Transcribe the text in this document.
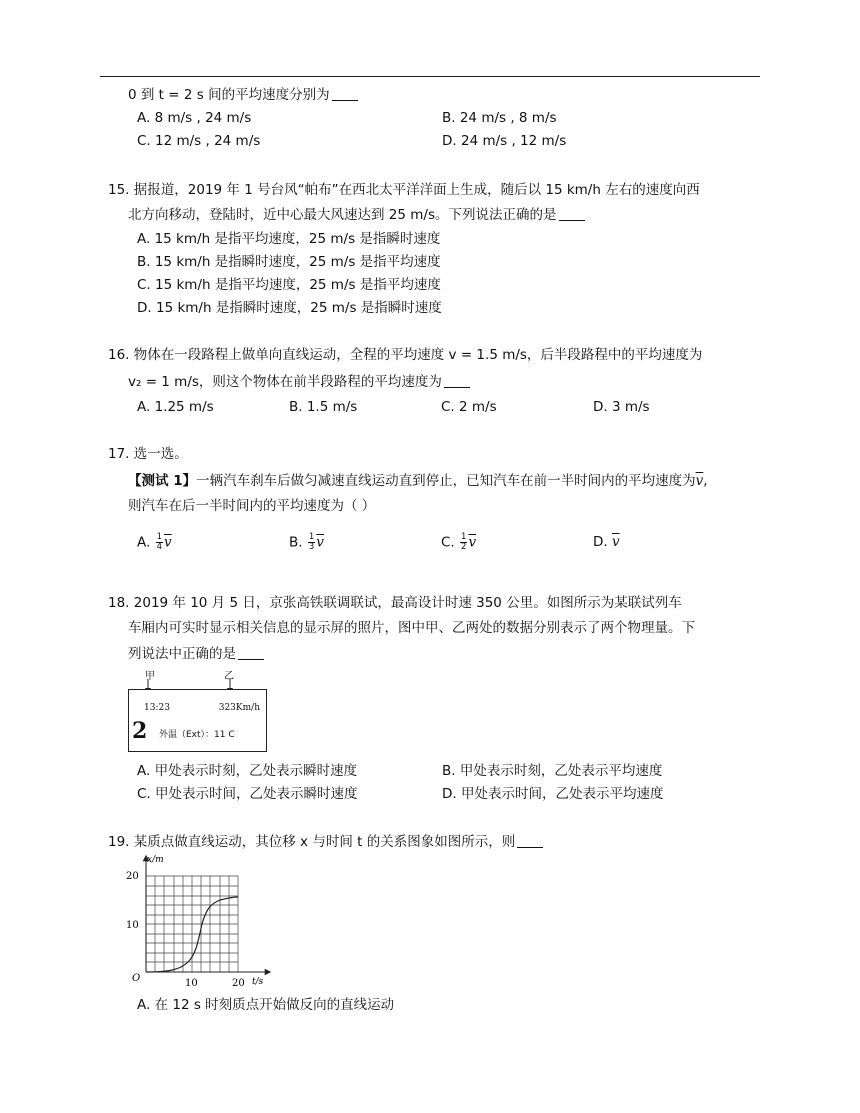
0 到 t = 2 s 间的平均速度分别为
A. 8 m/s , 24 m/s	B. 24 m/s , 8 m/s
C. 12 m/s , 24 m/s	D. 24 m/s , 12 m/s
15. 据报道，2019 年 1 号台风“帕布”在西北太平洋洋面上生成，随后以 15 km/h 左右的速度向西
北方向移动，登陆时，近中心最大风速达到 25 m/s。下列说法正确的是
A. 15 km/h 是指平均速度，25 m/s 是指瞬时速度
B. 15 km/h 是指瞬时速度，25 m/s 是指平均速度
C. 15 km/h 是指平均速度，25 m/s 是指平均速度
D. 15 km/h 是指瞬时速度，25 m/s 是指瞬时速度
16. 物体在一段路程上做单向直线运动，全程的平均速度 v = 1.5 m/s，后半段路程中的平均速度为
v₂ = 1 m/s，则这个物体在前半段路程的平均速度为
A. 1.25 m/s	B. 1.5 m/s	C. 2 m/s	D. 3 m/s
17. 选一选。
【测试 1】一辆汽车刹车后做匀减速直线运动直到停止，已知汽车在前一半时间内的平均速度为$\overline{v}$,
则汽车在后一半时间内的平均速度为（ ）
A. $\frac{1}{4} \overline{v}$	B. $\frac{1}{3} \overline{v}$	C. $\frac{1}{2} \overline{v}$	D. $\overline{v}$
18. 2019 年 10 月 5 日，京张高铁联调联试，最高设计时速 350 公里。如图所示为某联试列车
车厢内可实时显示相关信息的显示屏的照片，图中甲、乙两处的数据分别表示了两个物理量。下
列说法中正确的是
甲	乙
13:23	323Km/h
2 外温（Ext）：11 C
A. 甲处表示时刻，乙处表示瞬时速度	B. 甲处表示时刻，乙处表示平均速度
C. 甲处表示时间，乙处表示瞬时速度	D. 甲处表示时间，乙处表示平均速度
19. 某质点做直线运动，其位移 x 与时间 t 的关系图象如图所示，则
x/m
20
10
O	10	20 t/s
A. 在 12 s 时刻质点开始做反向的直线运动
